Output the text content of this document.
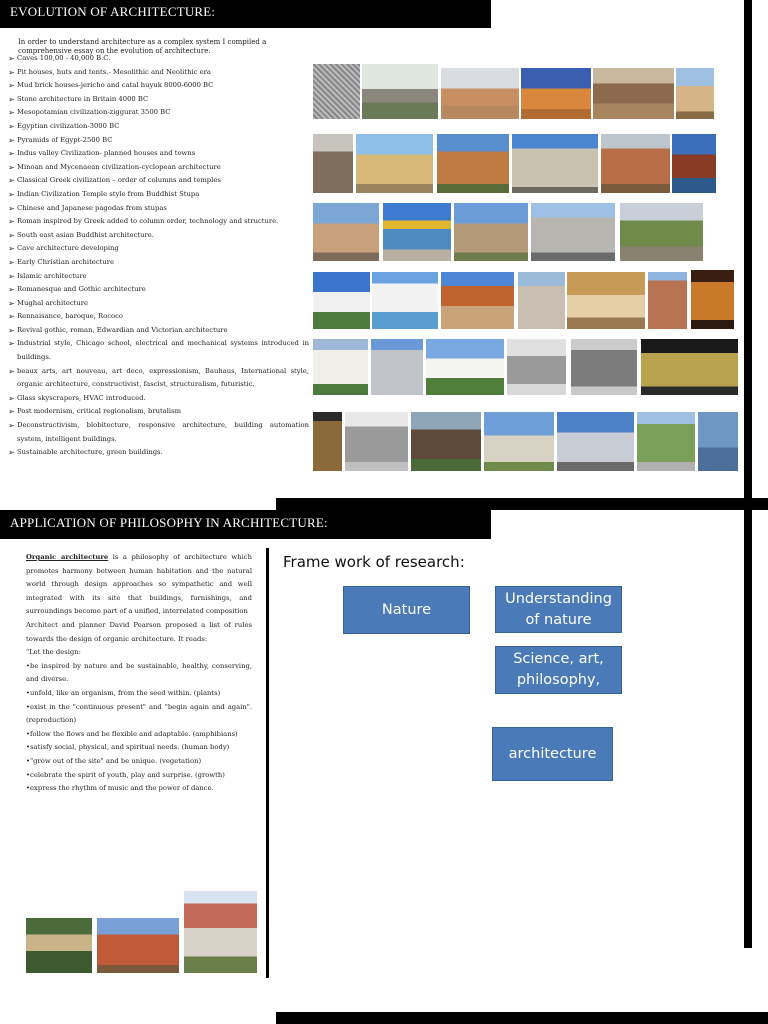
EVOLUTION OF ARCHITECTURE:
In order to understand architecture as a complex system I compiled a comprehensive essay on the evolution of architecture.
➢ Caves 100,00 - 40,000 B.C.
➢ Pit houses, huts and tents.- Mesolithic and Neolithic era
➢ Mud brick houses-jericho and catal huyuk 8000-6000 BC
➢ Stone architecture in Britain 4000 BC
➢ Mesopotamian civilization-ziggurat 3500 BC
➢ Egyptian civilization-3000 BC
➢ Pyramids of Egypt-2500 BC
➢ Indus valley Civilization- planned houses and towns
➢ Minoan and Mycenaean civilization-cyclopean architecture
➢ Classical Greek civilization – order of columns and temples
➢ Indian Civilization Temple style from Buddhist Stupa
➢ Chinese and Japanese pagodas from stupas
➢ Roman inspired by Greek added to column order, technology and structure.
➢ South east asian Buddhist architecture.
➢ Cave architecture developing
➢ Early Christian architecture
➢ Islamic architecture
➢ Romanesque and Gothic architecture
➢ Mughal architecture
➢ Rennaisance, baroque, Rococo
➢ Revival gothic, roman, Edwardian and Victorian architecture
➢ Industrial style, Chicago school, electrical and mechanical systems introduced in buildings.
➢ beaux arts, art nouveau, art deco, expressionism, Bauhaus, International style, organic architecture, constructivist, fascist, structuralism, futuristic.
➢ Glass skyscrapers, HVAC introduced.
➢ Post modernism, critical regionalism, brutalism
➢ Deconstructivism, blobitecture, responsive architecture, building automation system, intelligent buildings.
➢ Sustainable architecture, green buildings.
APPLICATION OF PHILOSOPHY IN ARCHITECTURE:

Organic architecture is a philosophy of architecture which promotes harmony between human habitation and the natural world through design approaches so sympathetic and well integrated with its site that buildings, furnishings, and surroundings become part of a unified, interrelated composition

Architect and planner David Pearson proposed a list of rules towards the design of organic architecture. It reads:

"Let the design:

•be inspired by nature and be sustainable, healthy, conserving, and diverse.

•unfold, like an organism, from the seed within. (plants)

•exist in the "continuous present" and "begin again and again".(reproduction)

•follow the flows and be flexible and adaptable. (amphibians)

•satisfy social, physical, and spiritual needs. (human body)

•"grow out of the site" and be unique. (vegetation)

•celebrate the spirit of youth, play and surprise. (growth)

•express the rhythm of music and the power of dance.

Frame work of research:
Nature
Understanding of nature
Science, art, philosophy,
architecture
